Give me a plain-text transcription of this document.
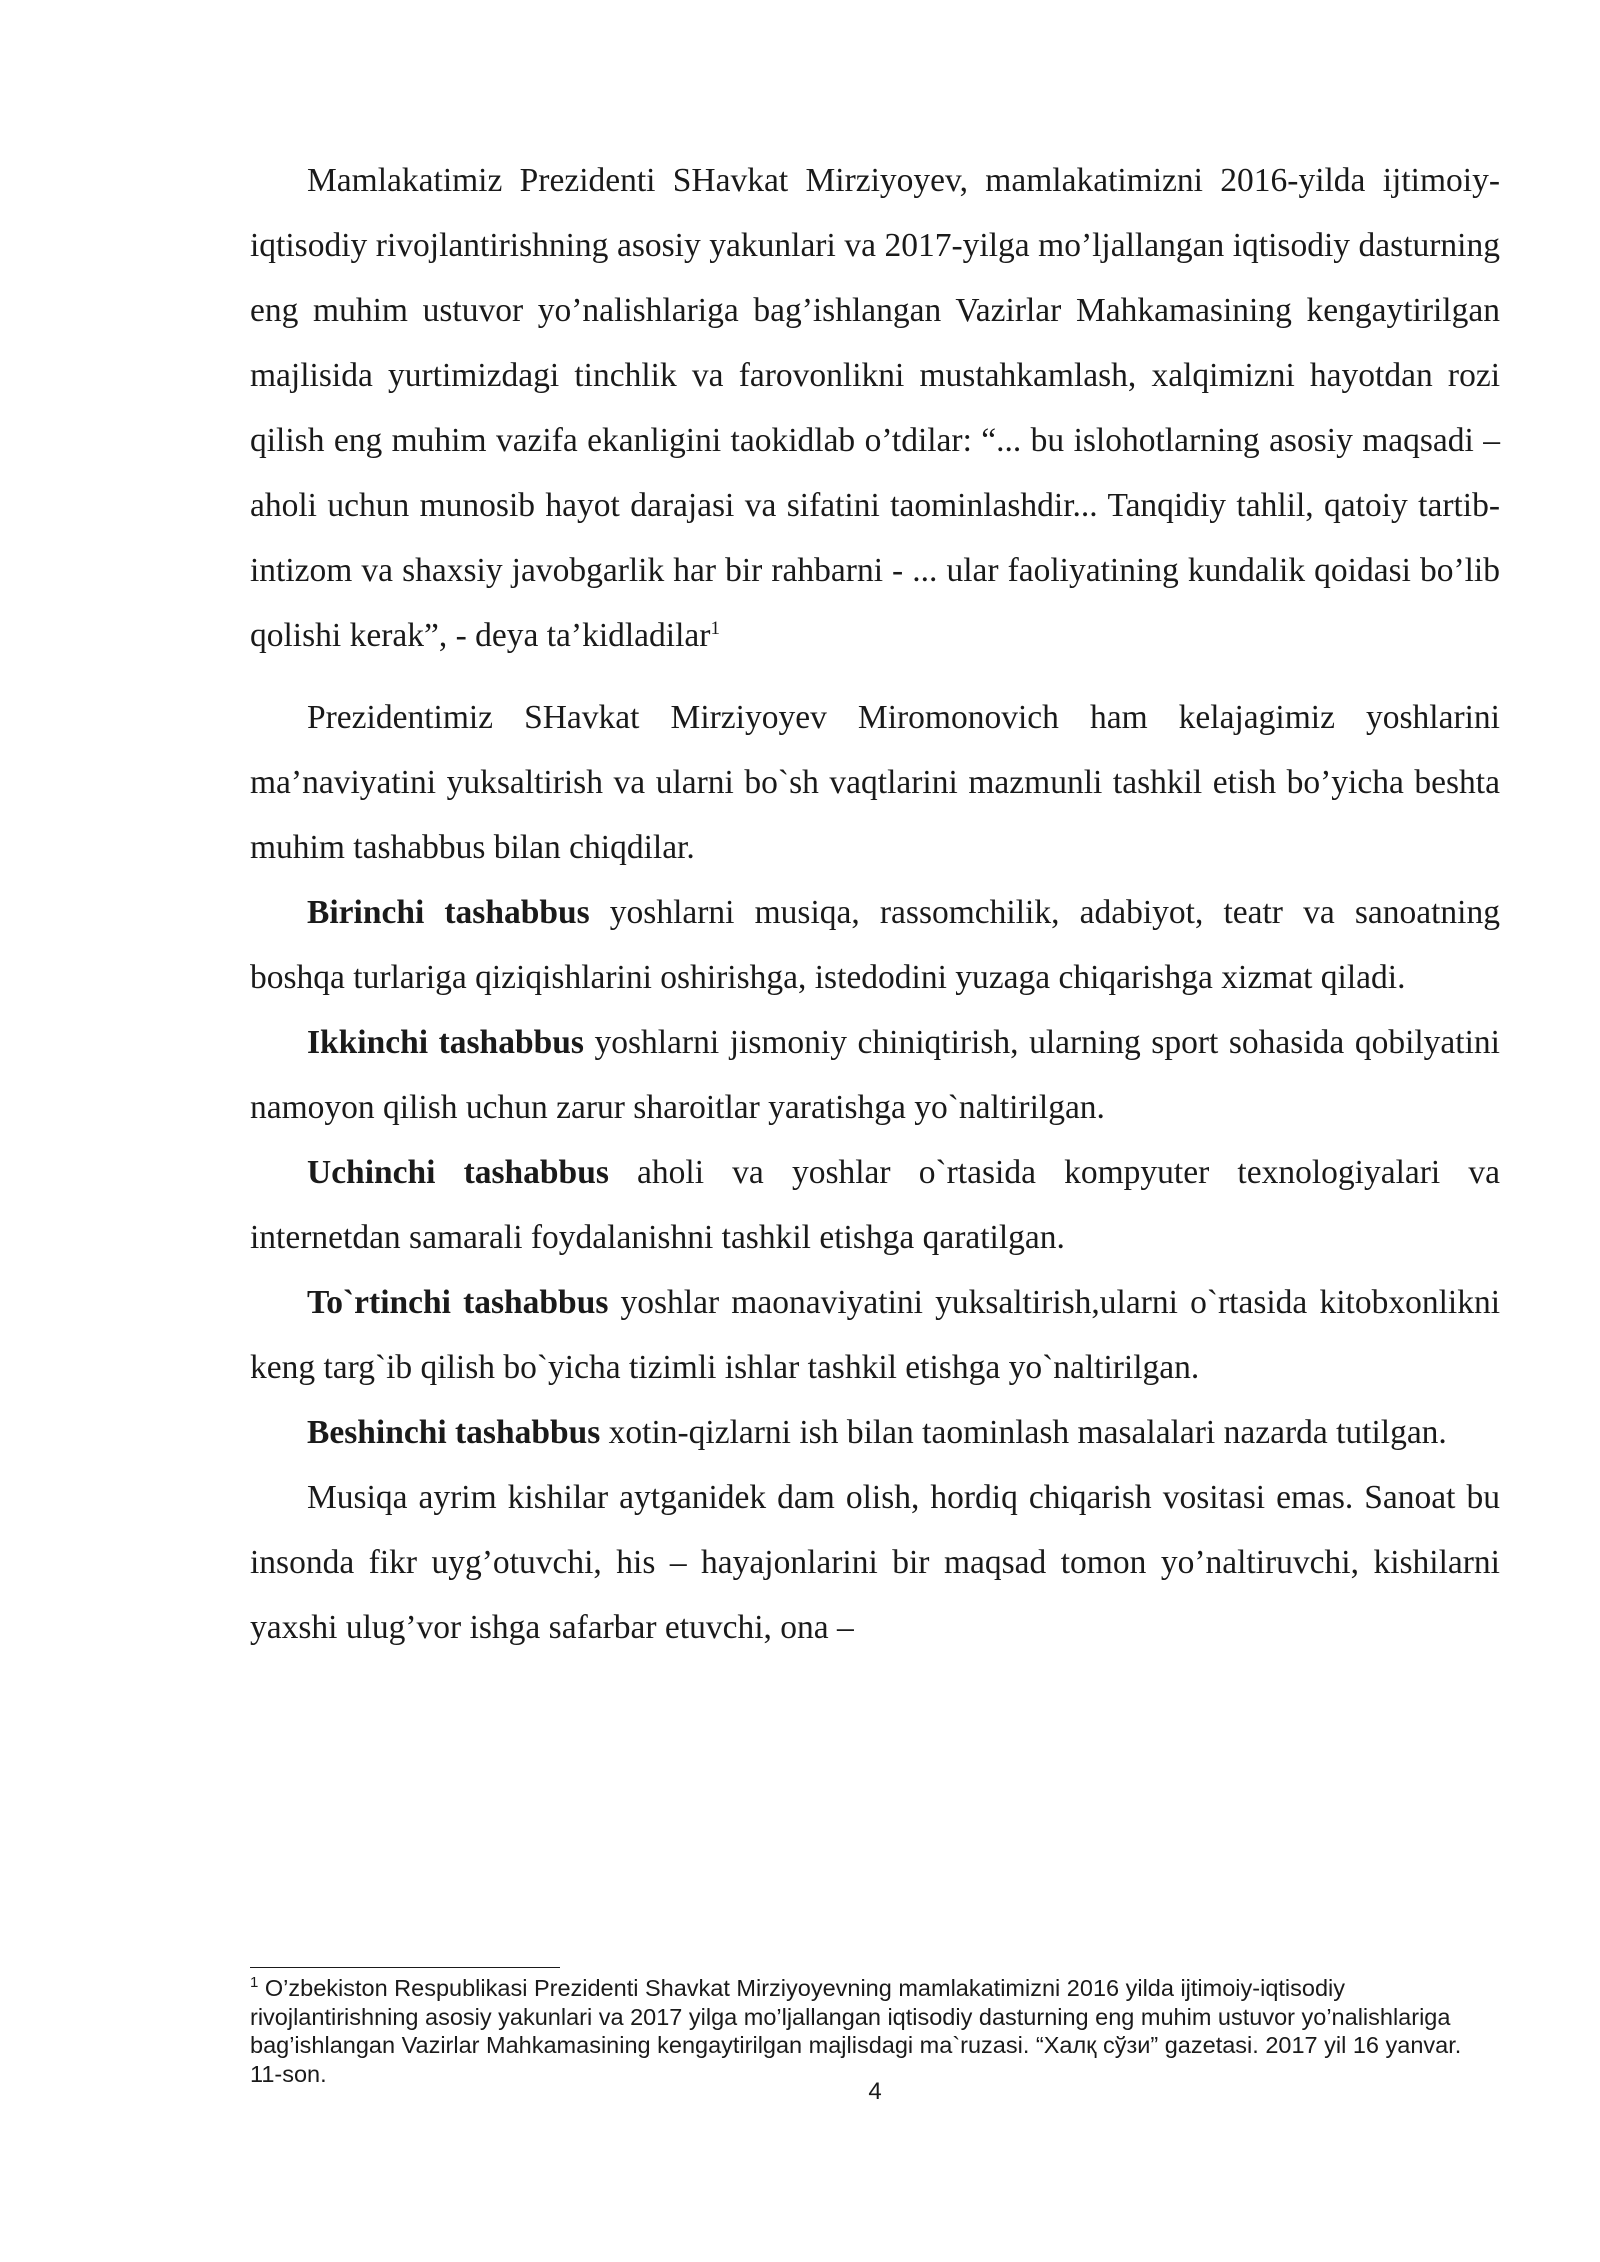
Mamlakatimiz Prezidenti SHavkat Mirziyoyev, mamlakatimizni 2016-yilda ijtimoiy-iqtisodiy rivojlantirishning asosiy yakunlari va 2017-yilga mo’ljallangan iqtisodiy dasturning eng muhim ustuvor yo’nalishlariga bag’ishlangan Vazirlar Mahkamasining kengaytirilgan majlisida yurtimizdagi tinchlik va farovonlikni mustahkamlash, xalqimizni hayotdan rozi qilish eng muhim vazifa ekanligini taokidlab o’tdilar: “... bu islohotlarning asosiy maqsadi – aholi uchun munosib hayot darajasi va sifatini taominlashdir... Tanqidiy tahlil, qatoiy tartib-intizom va shaxsiy javobgarlik har bir rahbarni - ... ular faoliyatining kundalik qoidasi bo’lib qolishi kerak”, - deya ta’kidladilar$^1$

Prezidentimiz SHavkat Mirziyoyev Miromonovich ham kelajagimiz yoshlarini ma’naviyatini yuksaltirish va ularni bo`sh vaqtlarini mazmunli tashkil etish bo’yicha beshta muhim tashabbus bilan chiqdilar.

Birinchi tashabbus yoshlarni musiqa, rassomchilik, adabiyot, teatr va sanoatning boshqa turlariga qiziqishlarini oshirishga, istedodini yuzaga chiqarishga xizmat qiladi.

Ikkinchi tashabbus yoshlarni jismoniy chiniqtirish, ularning sport sohasida qobilyatini namoyon qilish uchun zarur sharoitlar yaratishga yo`naltirilgan.

Uchinchi tashabbus aholi va yoshlar o`rtasida kompyuter texnologiyalari va internetdan samarali foydalanishni tashkil etishga qaratilgan.

To`rtinchi tashabbus yoshlar maonaviyatini yuksaltirish,ularni o`rtasida kitobxonlikni keng targ`ib qilish bo`yicha tizimli ishlar tashkil etishga yo`naltirilgan.

Beshinchi tashabbus xotin-qizlarni ish bilan taominlash masalalari nazarda tutilgan.

Musiqa ayrim kishilar aytganidek dam olish, hordiq chiqarish vositasi emas. Sanoat bu insonda fikr uyg’otuvchi, his – hayajonlarini bir maqsad tomon yo’naltiruvchi, kishilarni yaxshi ulug’vor ishga safarbar etuvchi, ona –

$^1$ O’zbekiston Respublikasi Prezidenti Shavkat Mirziyoyevning mamlakatimizni 2016 yilda ijtimoiy-iqtisodiy rivojlantirishning asosiy yakunlari va 2017 yilga mo’ljallangan iqtisodiy dasturning eng muhim ustuvor yo’nalishlariga bag’ishlangan Vazirlar Mahkamasining kengaytirilgan majlisdagi ma`ruzasi. “Халқ сўзи” gazetasi. 2017 yil 16 yanvar. 11-son.

4
